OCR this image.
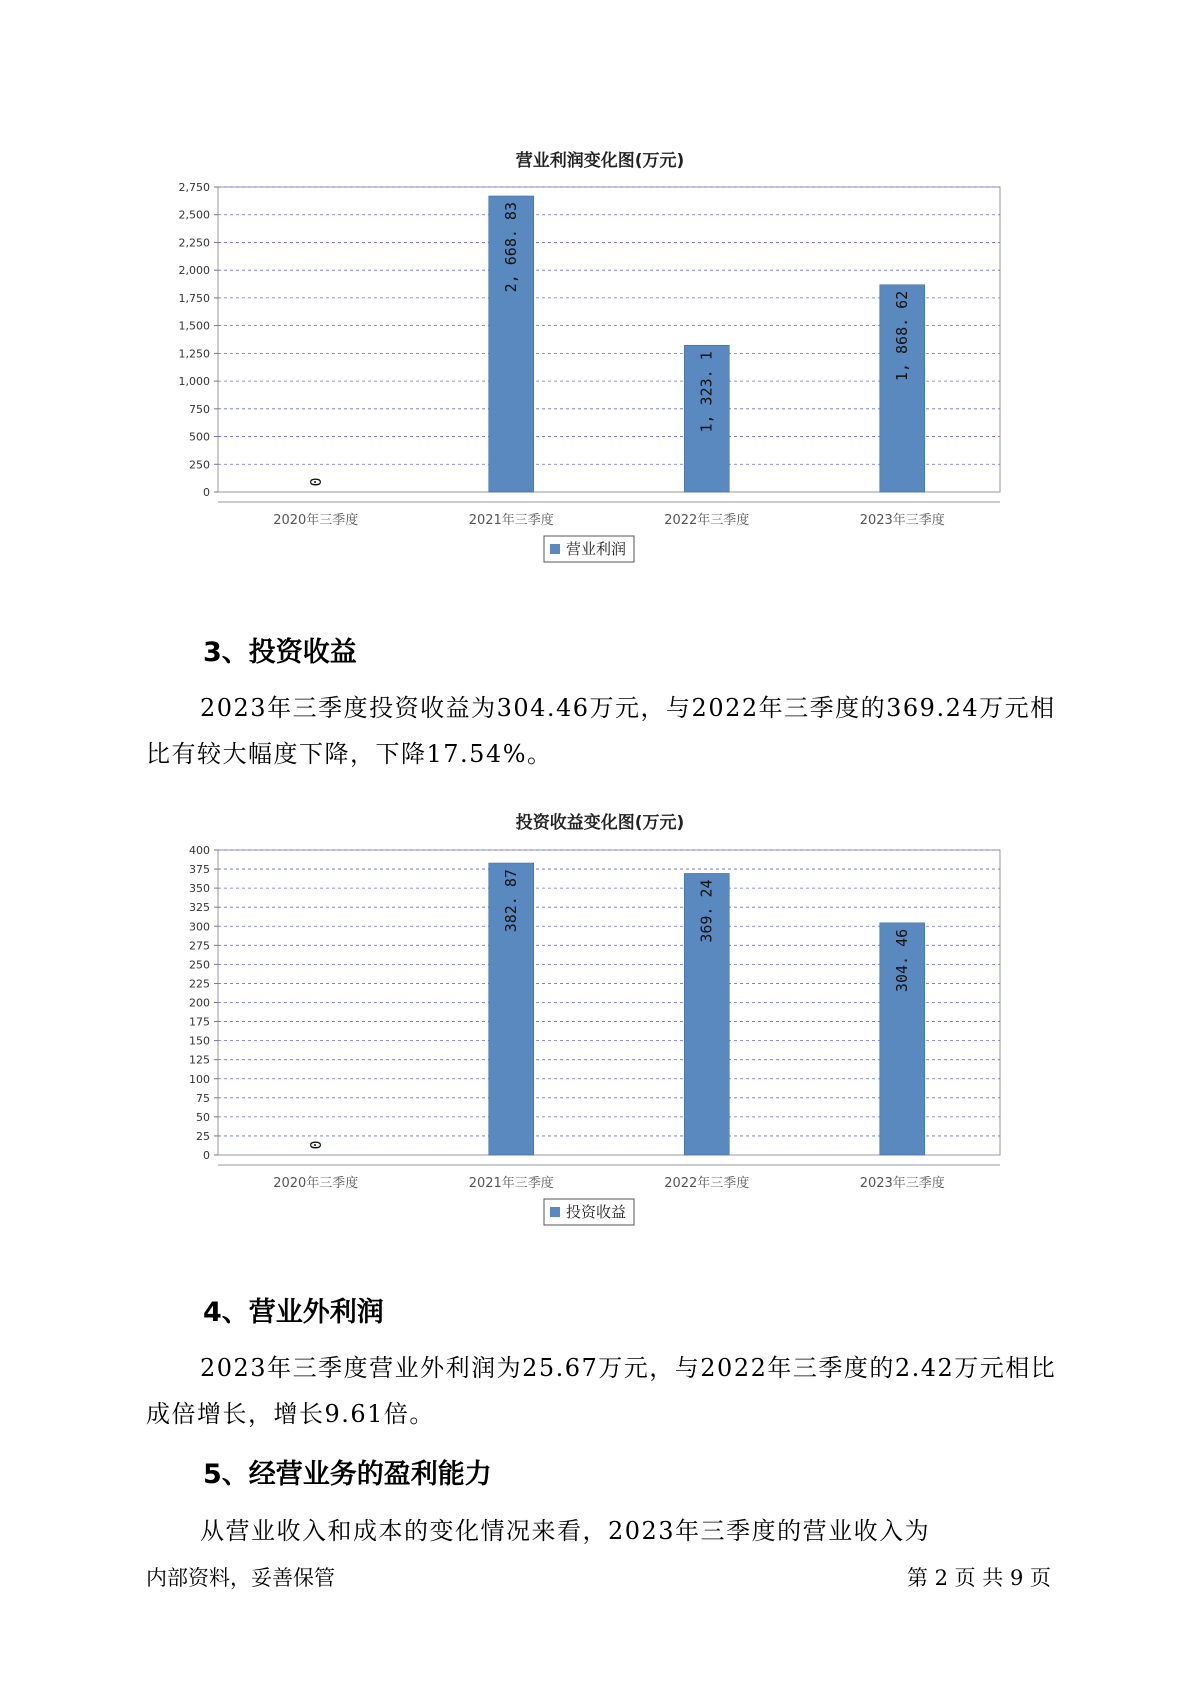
营业利润变化图(万元)
0
250
500
750
1,000
1,250
1,500
1,750
2,000
2,250
2,500
2,750
0
2020年三季度
2, 668. 83
2021年三季度
1, 323. 1
2022年三季度
1, 868. 62
2023年三季度
营业利润
3、投资收益

2023年三季度投资收益为304.46万元，与2022年三季度的369.24万元相比有较大幅度下降，下降17.54%。

投资收益变化图(万元)
0
25
50
75
100
125
150
175
200
225
250
275
300
325
350
375
400
0
2020年三季度
382. 87
2021年三季度
369. 24
2022年三季度
304. 46
2023年三季度
投资收益
4、营业外利润

2023年三季度营业外利润为25.67万元，与2022年三季度的2.42万元相比成倍增长，增长9.61倍。

5、经营业务的盈利能力

从营业收入和成本的变化情况来看，2023年三季度的营业收入为

内部资料，妥善保管	第 2 页 共 9 页
